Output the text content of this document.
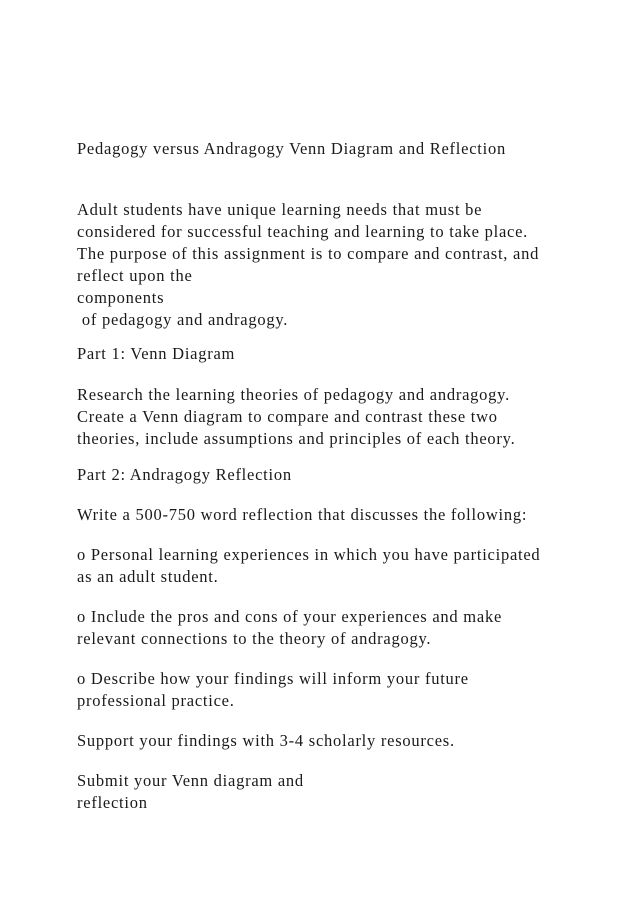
Pedagogy versus Andragogy Venn Diagram and Reflection
Adult students have unique learning needs that must be
considered for successful teaching and learning to take place.
The purpose of this assignment is to compare and contrast, and
reflect upon the
components
of pedagogy and andragogy.
Part 1: Venn Diagram
Research the learning theories of pedagogy and andragogy.
Create a Venn diagram to compare and contrast these two
theories, include assumptions and principles of each theory.
Part 2: Andragogy Reflection
Write a 500-750 word reflection that discusses the following:
o Personal learning experiences in which you have participated
as an adult student.
o Include the pros and cons of your experiences and make
relevant connections to the theory of andragogy.
o Describe how your findings will inform your future
professional practice.
Support your findings with 3-4 scholarly resources.
Submit your Venn diagram and
reflection
